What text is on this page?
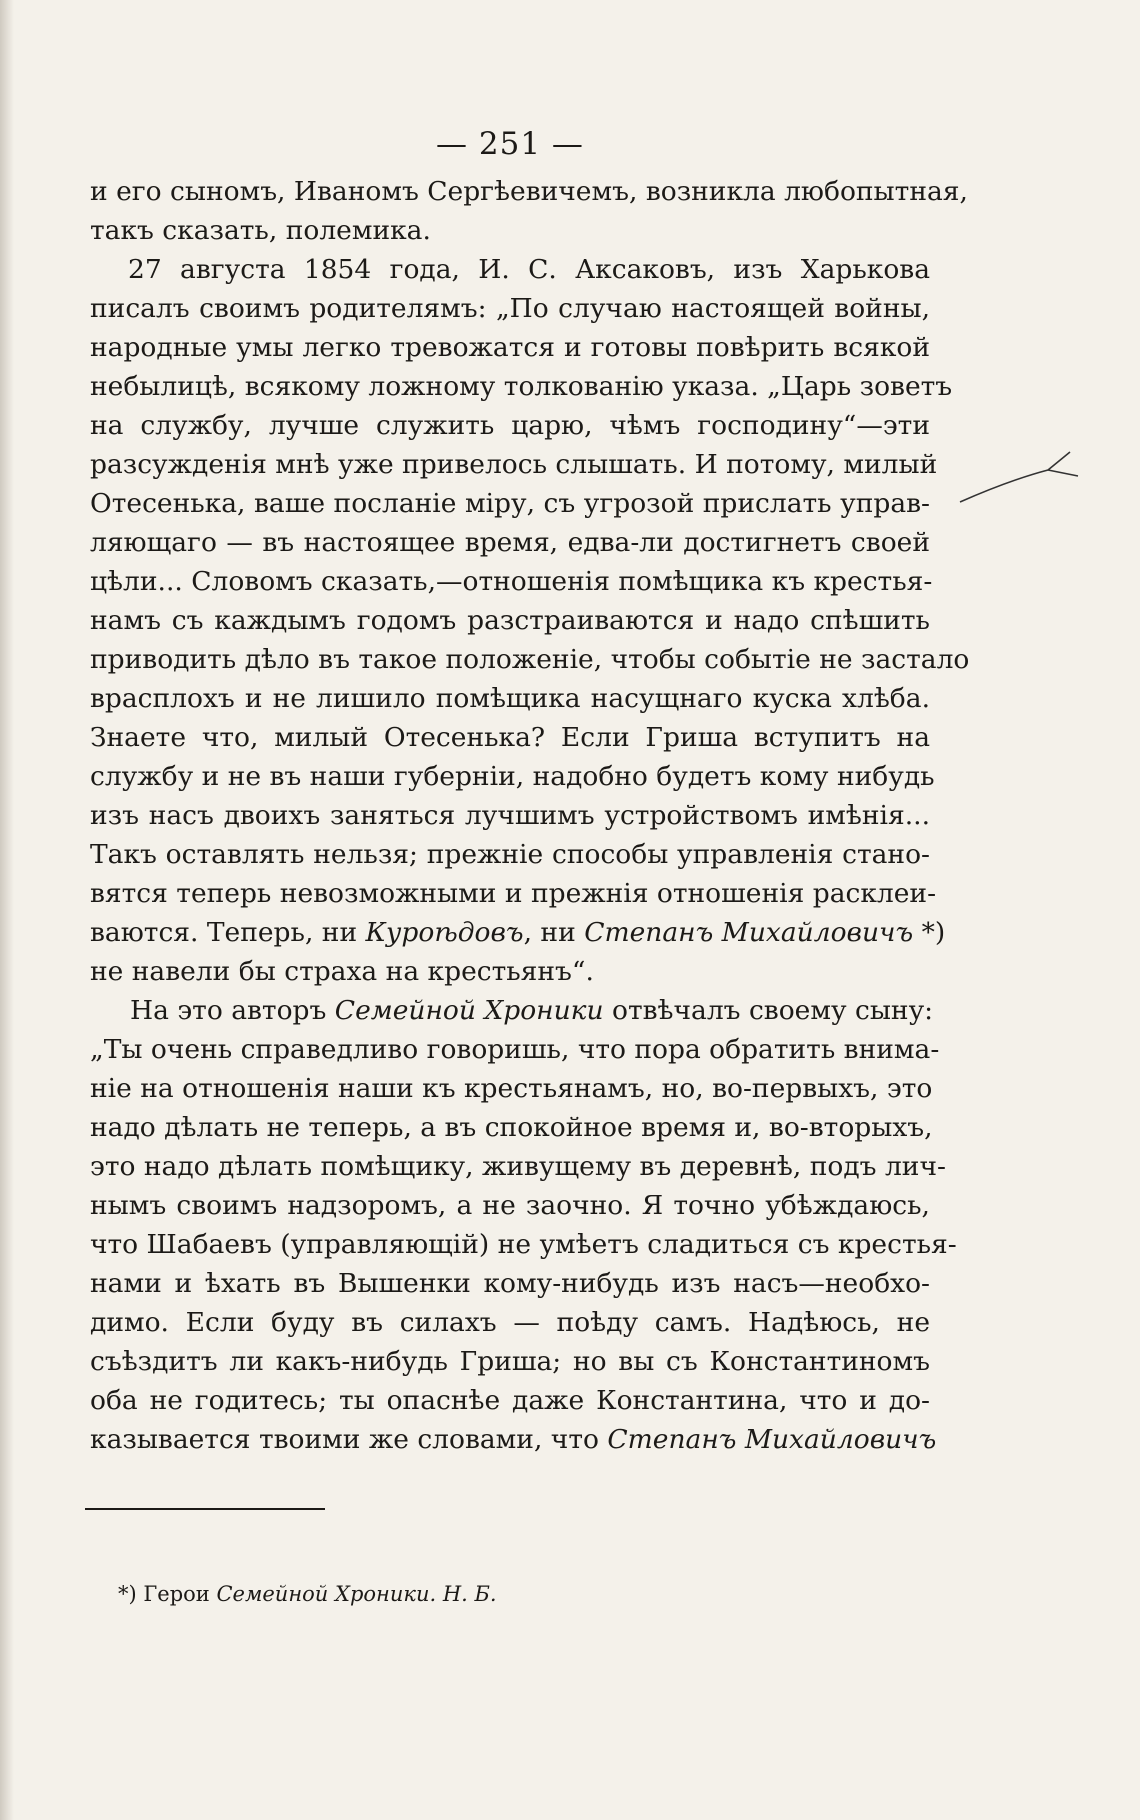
— 251 —
и его сыномъ, Иваномъ Сергѣевичемъ, возникла любопытная,
такъ сказать, полемика.
27 августа 1854 года, И. С. Аксаковъ, изъ Харькова
писалъ своимъ родителямъ: „По случаю настоящей войны,
народные умы легко тревожатся и готовы повѣрить всякой
небылицѣ, всякому ложному толкованiю указа. „Царь зоветъ
на службу, лучше служить царю, чѣмъ господину“—эти
разсужденiя мнѣ уже привелось слышать. И потому, милый
Отесенька, ваше посланiе мiру, съ угрозой прислать управ-
ляющаго — въ настоящее время, едва-ли достигнетъ своей
цѣли... Словомъ сказать,—отношенiя помѣщика къ крестья-
намъ съ каждымъ годомъ разстраиваются и надо спѣшить
приводить дѣло въ такое положенiе, чтобы событiе не застало
врасплохъ и не лишило помѣщика насущнаго куска хлѣба.
Знаете что, милый Отесенька? Если Гриша вступитъ на
службу и не въ наши губернiи, надобно будетъ кому нибудь
изъ насъ двоихъ заняться лучшимъ устройствомъ имѣнiя...
Такъ оставлять нельзя; прежнiе способы управленiя стано-
вятся теперь невозможными и прежнiя отношенiя расклеи-
ваются. Теперь, ни Куроѣдовъ, ни Степанъ Михайловичъ *)
не навели бы страха на крестьянъ“.
На это авторъ Семейной Хроники отвѣчалъ своему сыну:
„Ты очень справедливо говоришь, что пора обратить внима-
нiе на отношенiя наши къ крестьянамъ, но, во-первыхъ, это
надо дѣлать не теперь, а въ спокойное время и, во-вторыхъ,
это надо дѣлать помѣщику, живущему въ деревнѣ, подъ лич-
нымъ своимъ надзоромъ, а не заочно. Я точно убѣждаюсь,
что Шабаевъ (управляющiй) не умѣетъ сладиться съ крестья-
нами и ѣхать въ Вышенки кому-нибудь изъ насъ—необхо-
димо. Если буду въ силахъ — поѣду самъ. Надѣюсь, не
съѣздитъ ли какъ-нибудь Гриша; но вы съ Константиномъ
оба не годитесь; ты опаснѣе даже Константина, что и до-
казывается твоими же словами, что Степанъ Михайловичъ
*) Герои Семейной Хроники. Н. Б.
